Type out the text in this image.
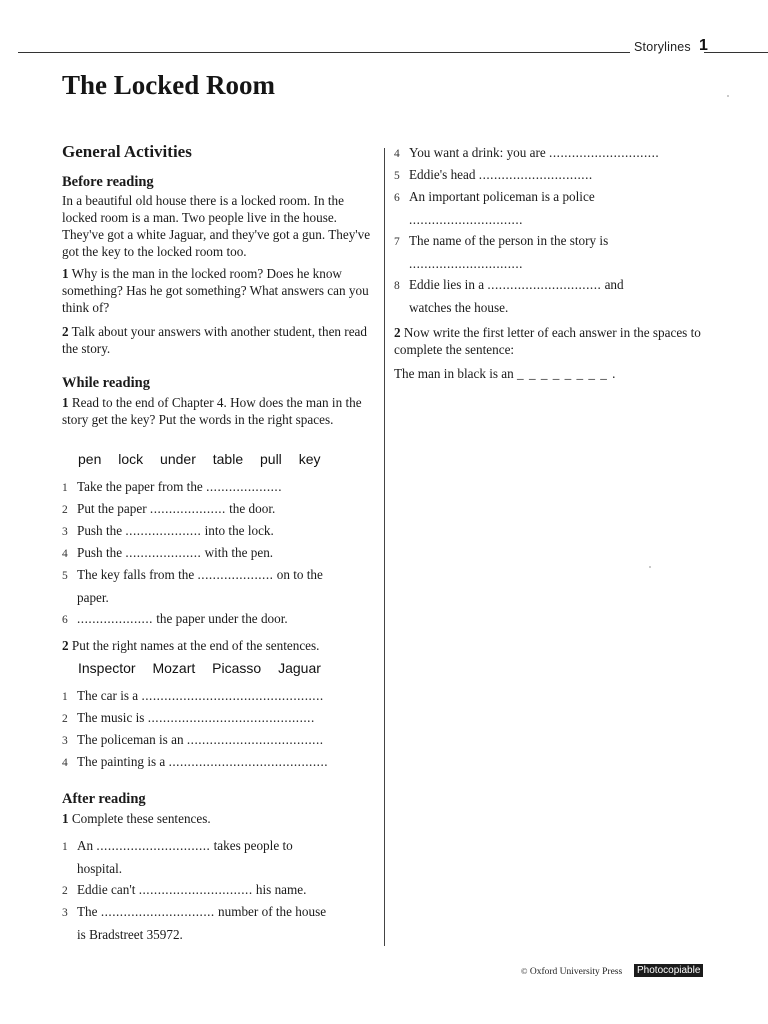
Storylines 1
The Locked Room
General Activities
Before reading

In a beautiful old house there is a locked room. In the locked room is a man. Two people live in the house. They've got a white Jaguar, and they've got a gun. They've got the key to the locked room too.

1 Why is the man in the locked room? Does he know something? Has he got something? What answers can you think of?

2 Talk about your answers with another student, then read the story.

While reading

1 Read to the end of Chapter 4. How does the man in the story get the key? Put the words in the right spaces.

pen lock under table pull key
1 Take the paper from the ....................
2 Put the paper .................... the door.
3 Push the .................... into the lock.
4 Push the .................... with the pen.
5 The key falls from the .................... on to the
paper.
6 .................... the paper under the door.

2 Put the right names at the end of the sentences.

Inspector Mozart Picasso Jaguar
1 The car is a ................................................
2 The music is ............................................
3 The policeman is an ....................................
4 The painting is a ..........................................
After reading

1 Complete these sentences.

1 An .............................. takes people to
hospital.
2 Eddie can't .............................. his name.
3 The .............................. number of the house
is Bradstreet 35972.
4 You want a drink: you are .............................
5 Eddie's head ..............................
6 An important policeman is a police
..............................
7 The name of the person in the story is
..............................
8 Eddie lies in a .............................. and
watches the house.

2 Now write the first letter of each answer in the spaces to complete the sentence:

The man in black is an _ _ _ _ _ _ _ _ .

© Oxford University Press	Photocopiable
